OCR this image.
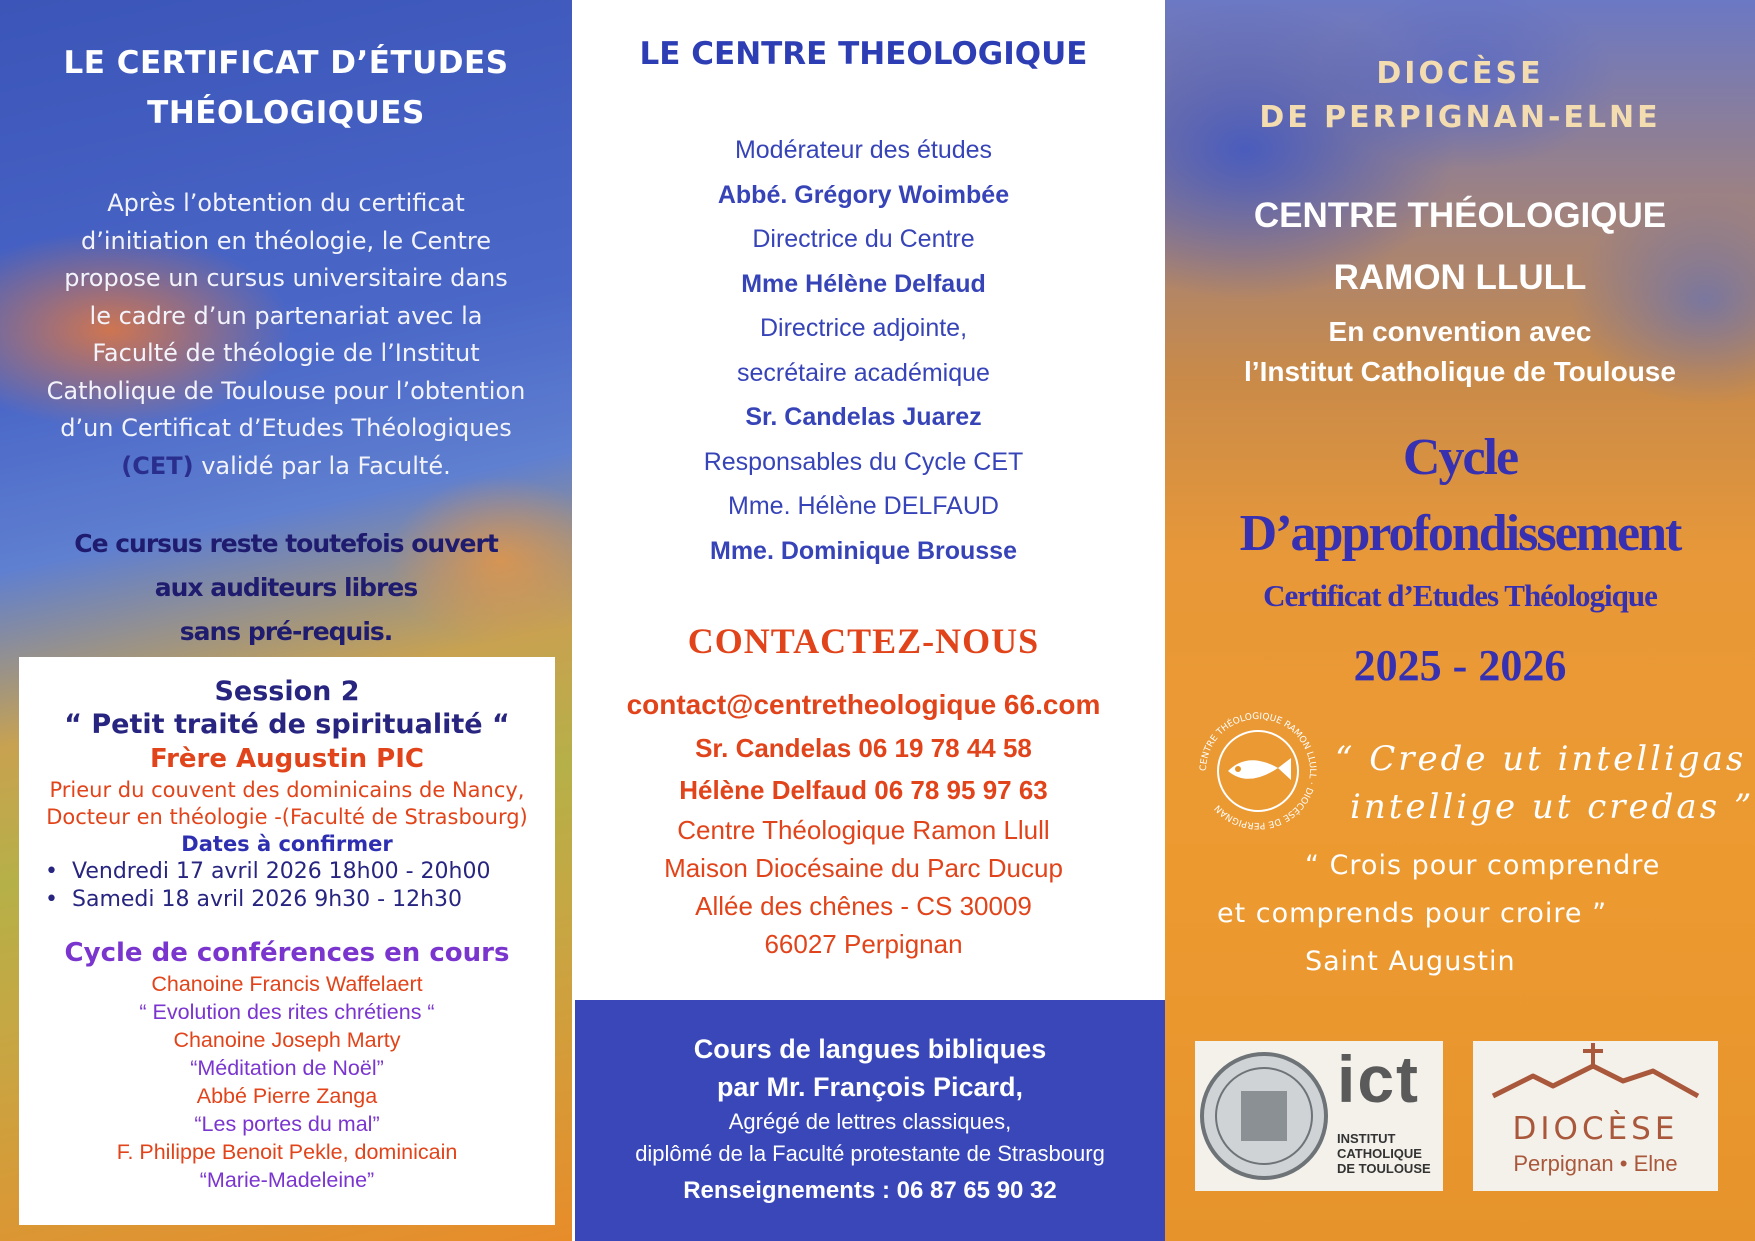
LE CERTIFICAT D’ÉTUDES
THÉOLOGIQUES
Après l’obtention du certificat
d’initiation en théologie, le Centre
propose un cursus universitaire dans
le cadre d’un partenariat avec la
Faculté de théologie de l’Institut
Catholique de Toulouse pour l’obtention
d’un Certificat d’Etudes Théologiques
(CET) validé par la Faculté.
Ce cursus reste toutefois ouvert
aux auditeurs libres
sans pré-requis.
Session 2
“ Petit traité de spiritualité “
Frère Augustin PIC
Prieur du couvent des dominicains de Nancy,
Docteur en théologie -(Faculté de Strasbourg)
Dates à confirmer
• Vendredi 17 avril 2026 18h00 - 20h00
• Samedi 18 avril 2026 9h30 - 12h30
Cycle de conférences en cours
Chanoine Francis Waffelaert
“ Evolution des rites chrétiens “
Chanoine Joseph Marty
“Méditation de Noël”
Abbé Pierre Zanga
“Les portes du mal”
F. Philippe Benoit Pekle, dominicain
“Marie-Madeleine”
LE CENTRE THEOLOGIQUE
Modérateur des études
Abbé. Grégory Woimbée
Directrice du Centre
Mme Hélène Delfaud
Directrice adjointe,
secrétaire académique
Sr. Candelas Juarez
Responsables du Cycle CET
Mme. Hélène DELFAUD
Mme. Dominique Brousse
CONTACTEZ-NOUS
contact@centretheologique 66.com
Sr. Candelas 06 19 78 44 58
Hélène Delfaud 06 78 95 97 63
Centre Théologique Ramon Llull
Maison Diocésaine du Parc Ducup
Allée des chênes - CS 30009
66027 Perpignan
Cours de langues bibliques
par Mr. François Picard,
Agrégé de lettres classiques,
diplômé de la Faculté protestante de Strasbourg
Renseignements : 06 87 65 90 32
DIOCÈSE
DE PERPIGNAN-ELNE
CENTRE THÉOLOGIQUE
RAMON LLULL
En convention avec
l’Institut Catholique de Toulouse
Cycle
D’approfondissement
Certificat d’Etudes Théologique
2025 - 2026
CENTRE THÉOLOGIQUE RAMON LLULL · DIOCÈSE DE PERPIGNAN
“ Crede ut intelligas
intellige ut credas ”
“ Crois pour comprendre
et comprends pour croire ”
Saint Augustin
ict
INSTITUT
CATHOLIQUE
DE TOULOUSE
DIOCÈSE
Perpignan • Elne
